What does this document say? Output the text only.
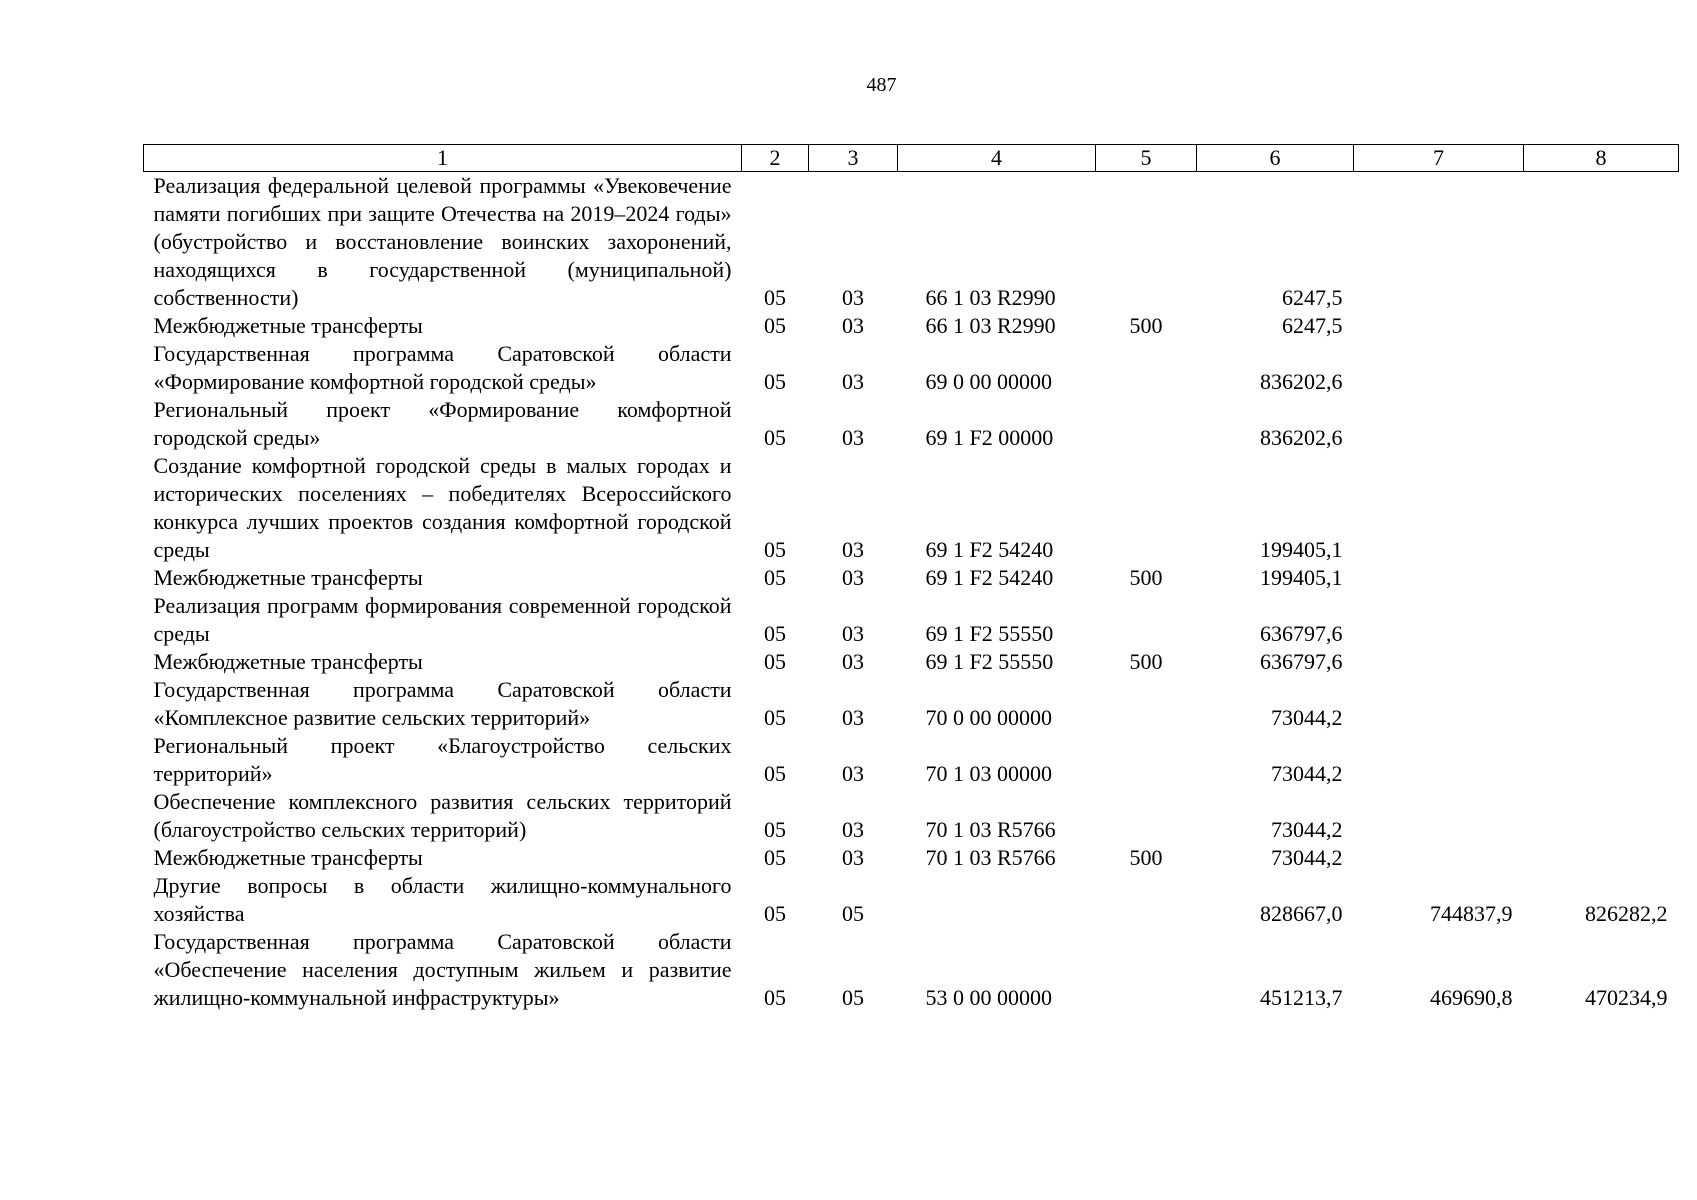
487
1	2	3	4	5	6	7	8
Реализация федеральной целевой программы «Увековечение памяти погибших при защите Отечества на 2019–2024 годы» (обустройство и восстановление воинских захоронений, находящихся в государственной (муниципальной) собственности)	05	03	66 1 03 R2990		6247,5		
Межбюджетные трансферты	05	03	66 1 03 R2990	500	6247,5		
Государственная программа Саратовской области «Формирование комфортной городской среды»	05	03	69 0 00 00000		836202,6		
Региональный проект «Формирование комфортной городской среды»	05	03	69 1 F2 00000		836202,6		
Создание комфортной городской среды в малых городах и исторических поселениях – победителях Всероссийского конкурса лучших проектов создания комфортной городской среды	05	03	69 1 F2 54240		199405,1		
Межбюджетные трансферты	05	03	69 1 F2 54240	500	199405,1		
Реализация программ формирования современной городской среды	05	03	69 1 F2 55550		636797,6		
Межбюджетные трансферты	05	03	69 1 F2 55550	500	636797,6		
Государственная программа Саратовской области «Комплексное развитие сельских территорий»	05	03	70 0 00 00000		73044,2		
Региональный проект «Благоустройство сельских территорий»	05	03	70 1 03 00000		73044,2		
Обеспечение комплексного развития сельских территорий (благоустройство сельских территорий)	05	03	70 1 03 R5766		73044,2		
Межбюджетные трансферты	05	03	70 1 03 R5766	500	73044,2		
Другие вопросы в области жилищно-коммунального хозяйства	05	05			828667,0	744837,9	826282,2
Государственная программа Саратовской области «Обеспечение населения доступным жильем и развитие жилищно-коммунальной инфраструктуры»	05	05	53 0 00 00000		451213,7	469690,8	470234,9
